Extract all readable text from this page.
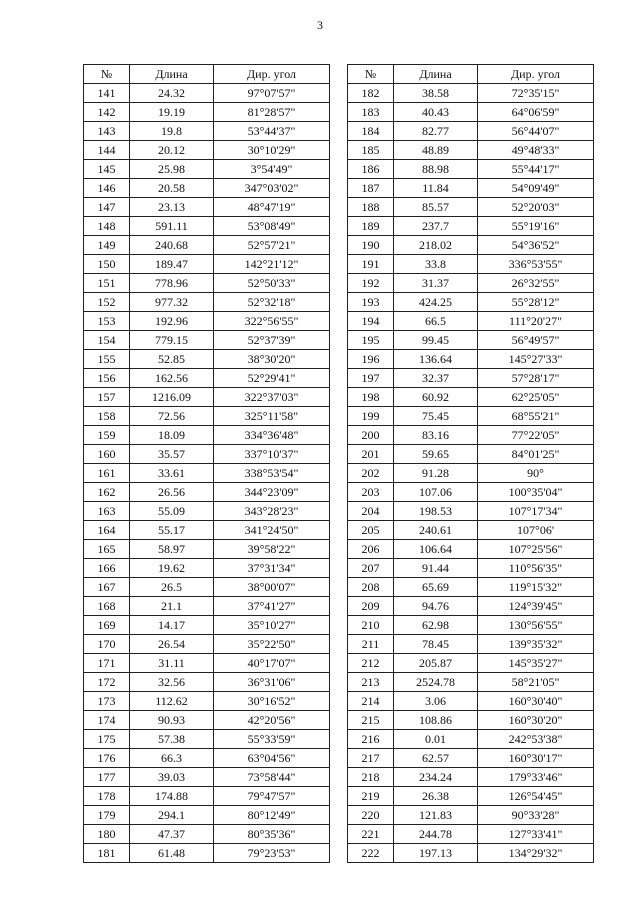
3
№	Длина	Дир. угол
141	24.32	97°07'57"
142	19.19	81°28'57"
143	19.8	53°44'37"
144	20.12	30°10'29"
145	25.98	3°54'49"
146	20.58	347°03'02"
147	23.13	48°47'19"
148	591.11	53°08'49"
149	240.68	52°57'21"
150	189.47	142°21'12"
151	778.96	52°50'33"
152	977.32	52°32'18"
153	192.96	322°56'55"
154	779.15	52°37'39"
155	52.85	38°30'20"
156	162.56	52°29'41"
157	1216.09	322°37'03"
158	72.56	325°11'58"
159	18.09	334°36'48"
160	35.57	337°10'37"
161	33.61	338°53'54"
162	26.56	344°23'09"
163	55.09	343°28'23"
164	55.17	341°24'50"
165	58.97	39°58'22"
166	19.62	37°31'34"
167	26.5	38°00'07"
168	21.1	37°41'27"
169	14.17	35°10'27"
170	26.54	35°22'50"
171	31.11	40°17'07"
172	32.56	36°31'06"
173	112.62	30°16'52"
174	90.93	42°20'56"
175	57.38	55°33'59"
176	66.3	63°04'56"
177	39.03	73°58'44"
178	174.88	79°47'57"
179	294.1	80°12'49"
180	47.37	80°35'36"
181	61.48	79°23'53"
№	Длина	Дир. угол
182	38.58	72°35'15"
183	40.43	64°06'59"
184	82.77	56°44'07"
185	48.89	49°48'33"
186	88.98	55°44'17"
187	11.84	54°09'49"
188	85.57	52°20'03"
189	237.7	55°19'16"
190	218.02	54°36'52"
191	33.8	336°53'55"
192	31.37	26°32'55"
193	424.25	55°28'12"
194	66.5	111°20'27"
195	99.45	56°49'57"
196	136.64	145°27'33"
197	32.37	57°28'17"
198	60.92	62°25'05"
199	75.45	68°55'21"
200	83.16	77°22'05"
201	59.65	84°01'25"
202	91.28	90°
203	107.06	100°35'04"
204	198.53	107°17'34"
205	240.61	107°06'
206	106.64	107°25'56"
207	91.44	110°56'35"
208	65.69	119°15'32"
209	94.76	124°39'45"
210	62.98	130°56'55"
211	78.45	139°35'32"
212	205.87	145°35'27"
213	2524.78	58°21'05"
214	3.06	160°30'40"
215	108.86	160°30'20"
216	0.01	242°53'38"
217	62.57	160°30'17"
218	234.24	179°33'46"
219	26.38	126°54'45"
220	121.83	90°33'28"
221	244.78	127°33'41"
222	197.13	134°29'32"
